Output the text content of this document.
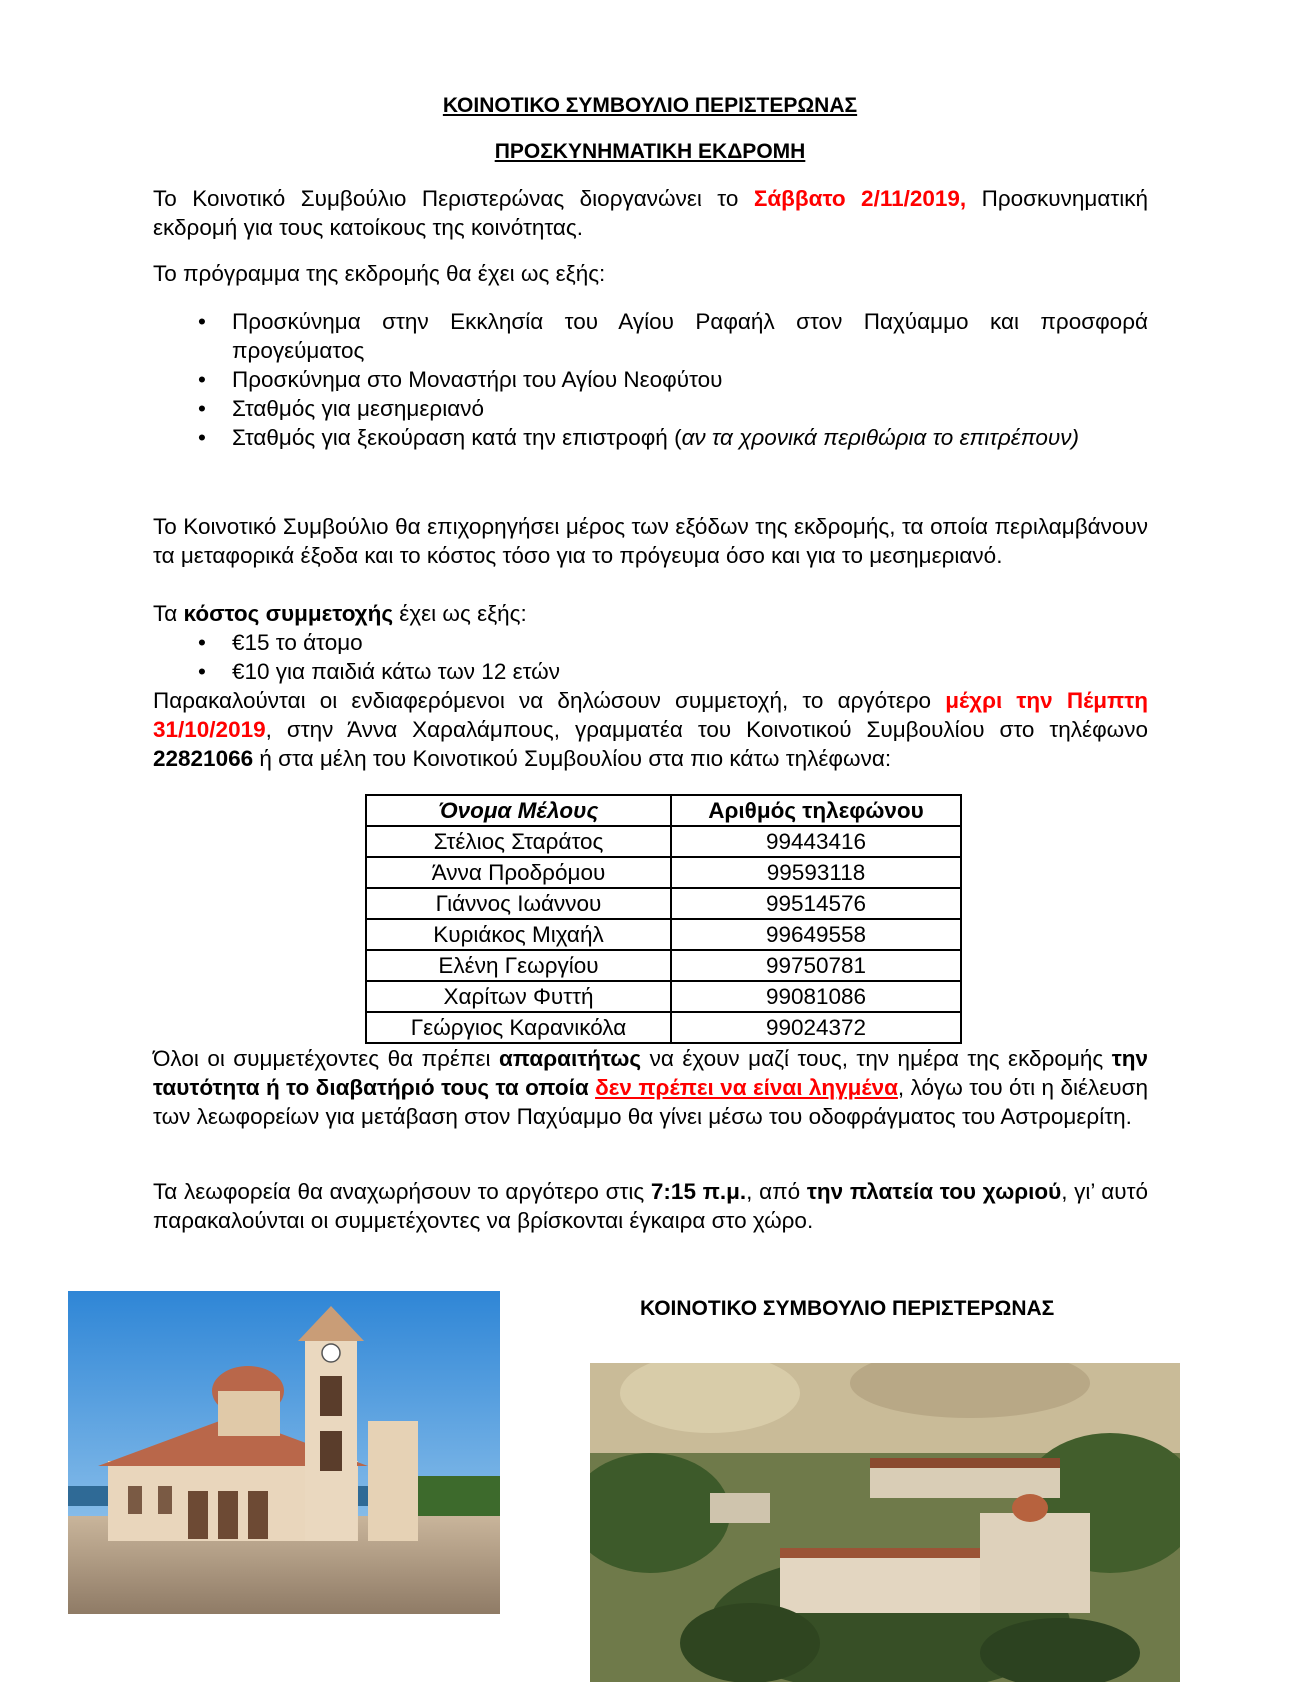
ΚΟΙΝΟΤΙΚΟ ΣΥΜΒΟΥΛΙΟ ΠΕΡΙΣΤΕΡΩΝΑΣ
ΠΡΟΣΚΥΝΗΜΑΤΙΚΗ ΕΚΔΡΟΜΗ
Το Κοινοτικό Συμβούλιο Περιστερώνας διοργανώνει το Σάββατο 2/11/2019, Προσκυνηματική εκδρομή για τους κατοίκους της κοινότητας.
Το πρόγραμμα της εκδρομής θα έχει ως εξής:
• Προσκύνημα στην Εκκλησία του Αγίου Ραφαήλ στον Παχύαμμο και προσφορά προγεύματος
• Προσκύνημα στο Μοναστήρι του Αγίου Νεοφύτου
• Σταθμός για μεσημεριανό
• Σταθμός για ξεκούραση κατά την επιστροφή (αν τα χρονικά περιθώρια το επιτρέπουν)
Το Κοινοτικό Συμβούλιο θα επιχορηγήσει μέρος των εξόδων της εκδρομής, τα οποία περιλαμβάνουν τα μεταφορικά έξοδα και το κόστος τόσο για το πρόγευμα όσο και για το μεσημεριανό.
Τα κόστος συμμετοχής έχει ως εξής:
• €15 το άτομο
• €10 για παιδιά κάτω των 12 ετών
Παρακαλούνται οι ενδιαφερόμενοι να δηλώσουν συμμετοχή, το αργότερο μέχρι την Πέμπτη 31/10/2019, στην Άννα Χαραλάμπους, γραμματέα του Κοινοτικού Συμβουλίου στο τηλέφωνο 22821066 ή στα μέλη του Κοινοτικού Συμβουλίου στα πιο κάτω τηλέφωνα:
Όνομα Μέλους	Αριθμός τηλεφώνου
Στέλιος Σταράτος	99443416
Άννα Προδρόμου	99593118
Γιάννος Ιωάννου	99514576
Κυριάκος Μιχαήλ	99649558
Ελένη Γεωργίου	99750781
Χαρίτων Φυττή	99081086
Γεώργιος Καρανικόλα	99024372
Όλοι οι συμμετέχοντες θα πρέπει απαραιτήτως να έχουν μαζί τους, την ημέρα της εκδρομής την ταυτότητα ή το διαβατήριό τους τα οποία δεν πρέπει να είναι ληγμένα, λόγω του ότι η διέλευση των λεωφορείων για μετάβαση στον Παχύαμμο θα γίνει μέσω του οδοφράγματος του Αστρομερίτη.
Τα λεωφορεία θα αναχωρήσουν το αργότερο στις 7:15 π.μ., από την πλατεία του χωριού, γι’ αυτό παρακαλούνται οι συμμετέχοντες να βρίσκονται έγκαιρα στο χώρο.
ΚΟΙΝΟΤΙΚΟ ΣΥΜΒΟΥΛΙΟ ΠΕΡΙΣΤΕΡΩΝΑΣ
